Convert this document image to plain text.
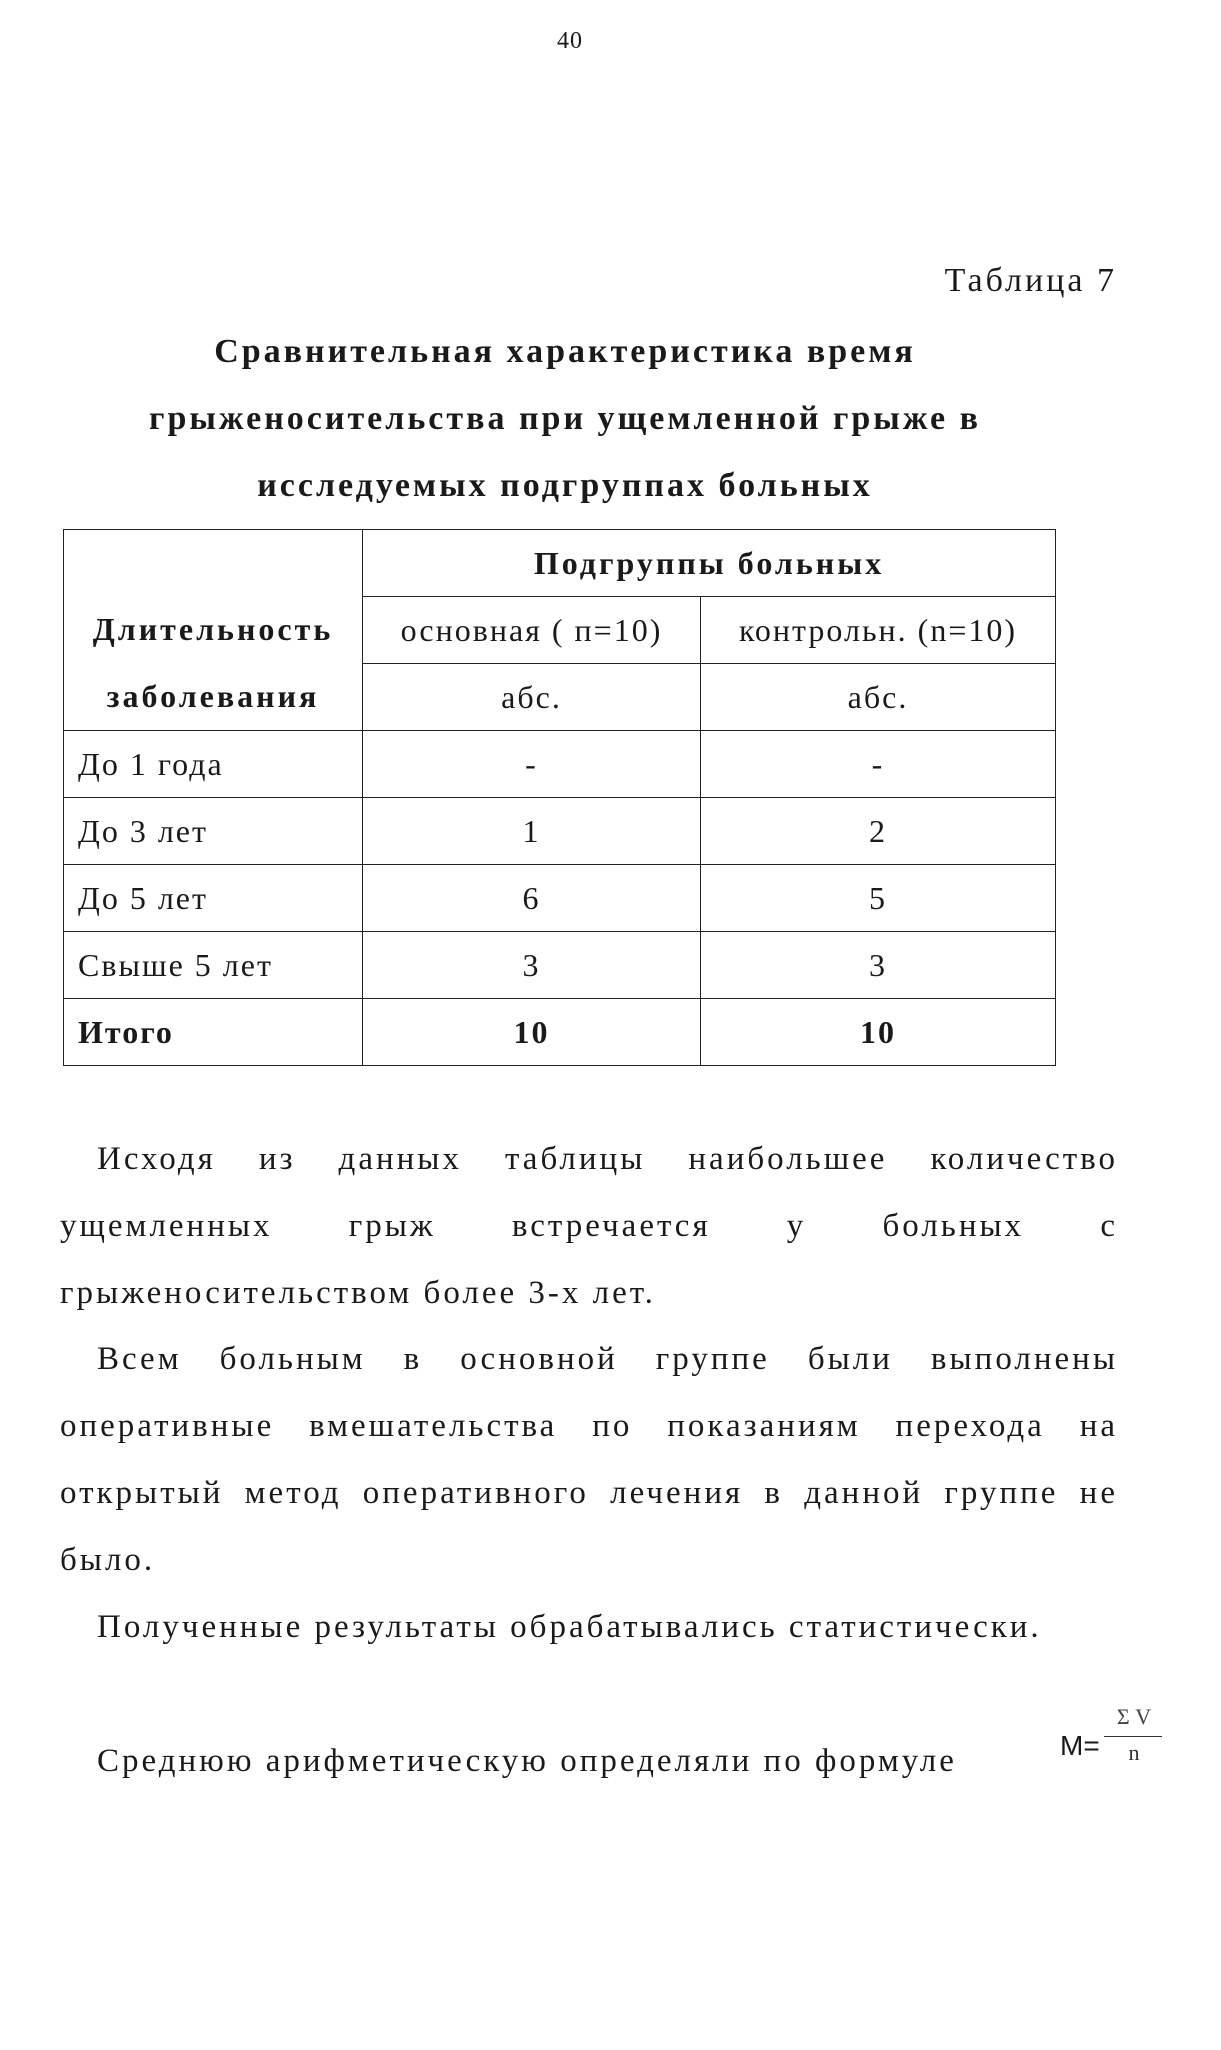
40
Таблица 7
Сравнительная характеристика время грыженосительства при ущемленной грыже в исследуемых подгруппах больных
Длительность
заболевания	Подгруппы больных	
	основная ( п=10)	контрольн. (n=10)
	абс.	абс.
До 1 года	-	-
До 3 лет	1	2
До 5 лет	6	5
Свыше 5 лет	3	3
Итого	10	10

Исходя из данных таблицы наибольшее количество ущемленных грыж встречается у больных с грыженосительством более 3-х лет.

Всем больным в основной группе были выполнены оперативные вмешательства по показаниям перехода на открытый метод оперативного лечения в данной группе не было.

Полученные результаты обрабатывались статистически.

Среднюю арифметическую определяли по формуле	M=
Σ V
n
